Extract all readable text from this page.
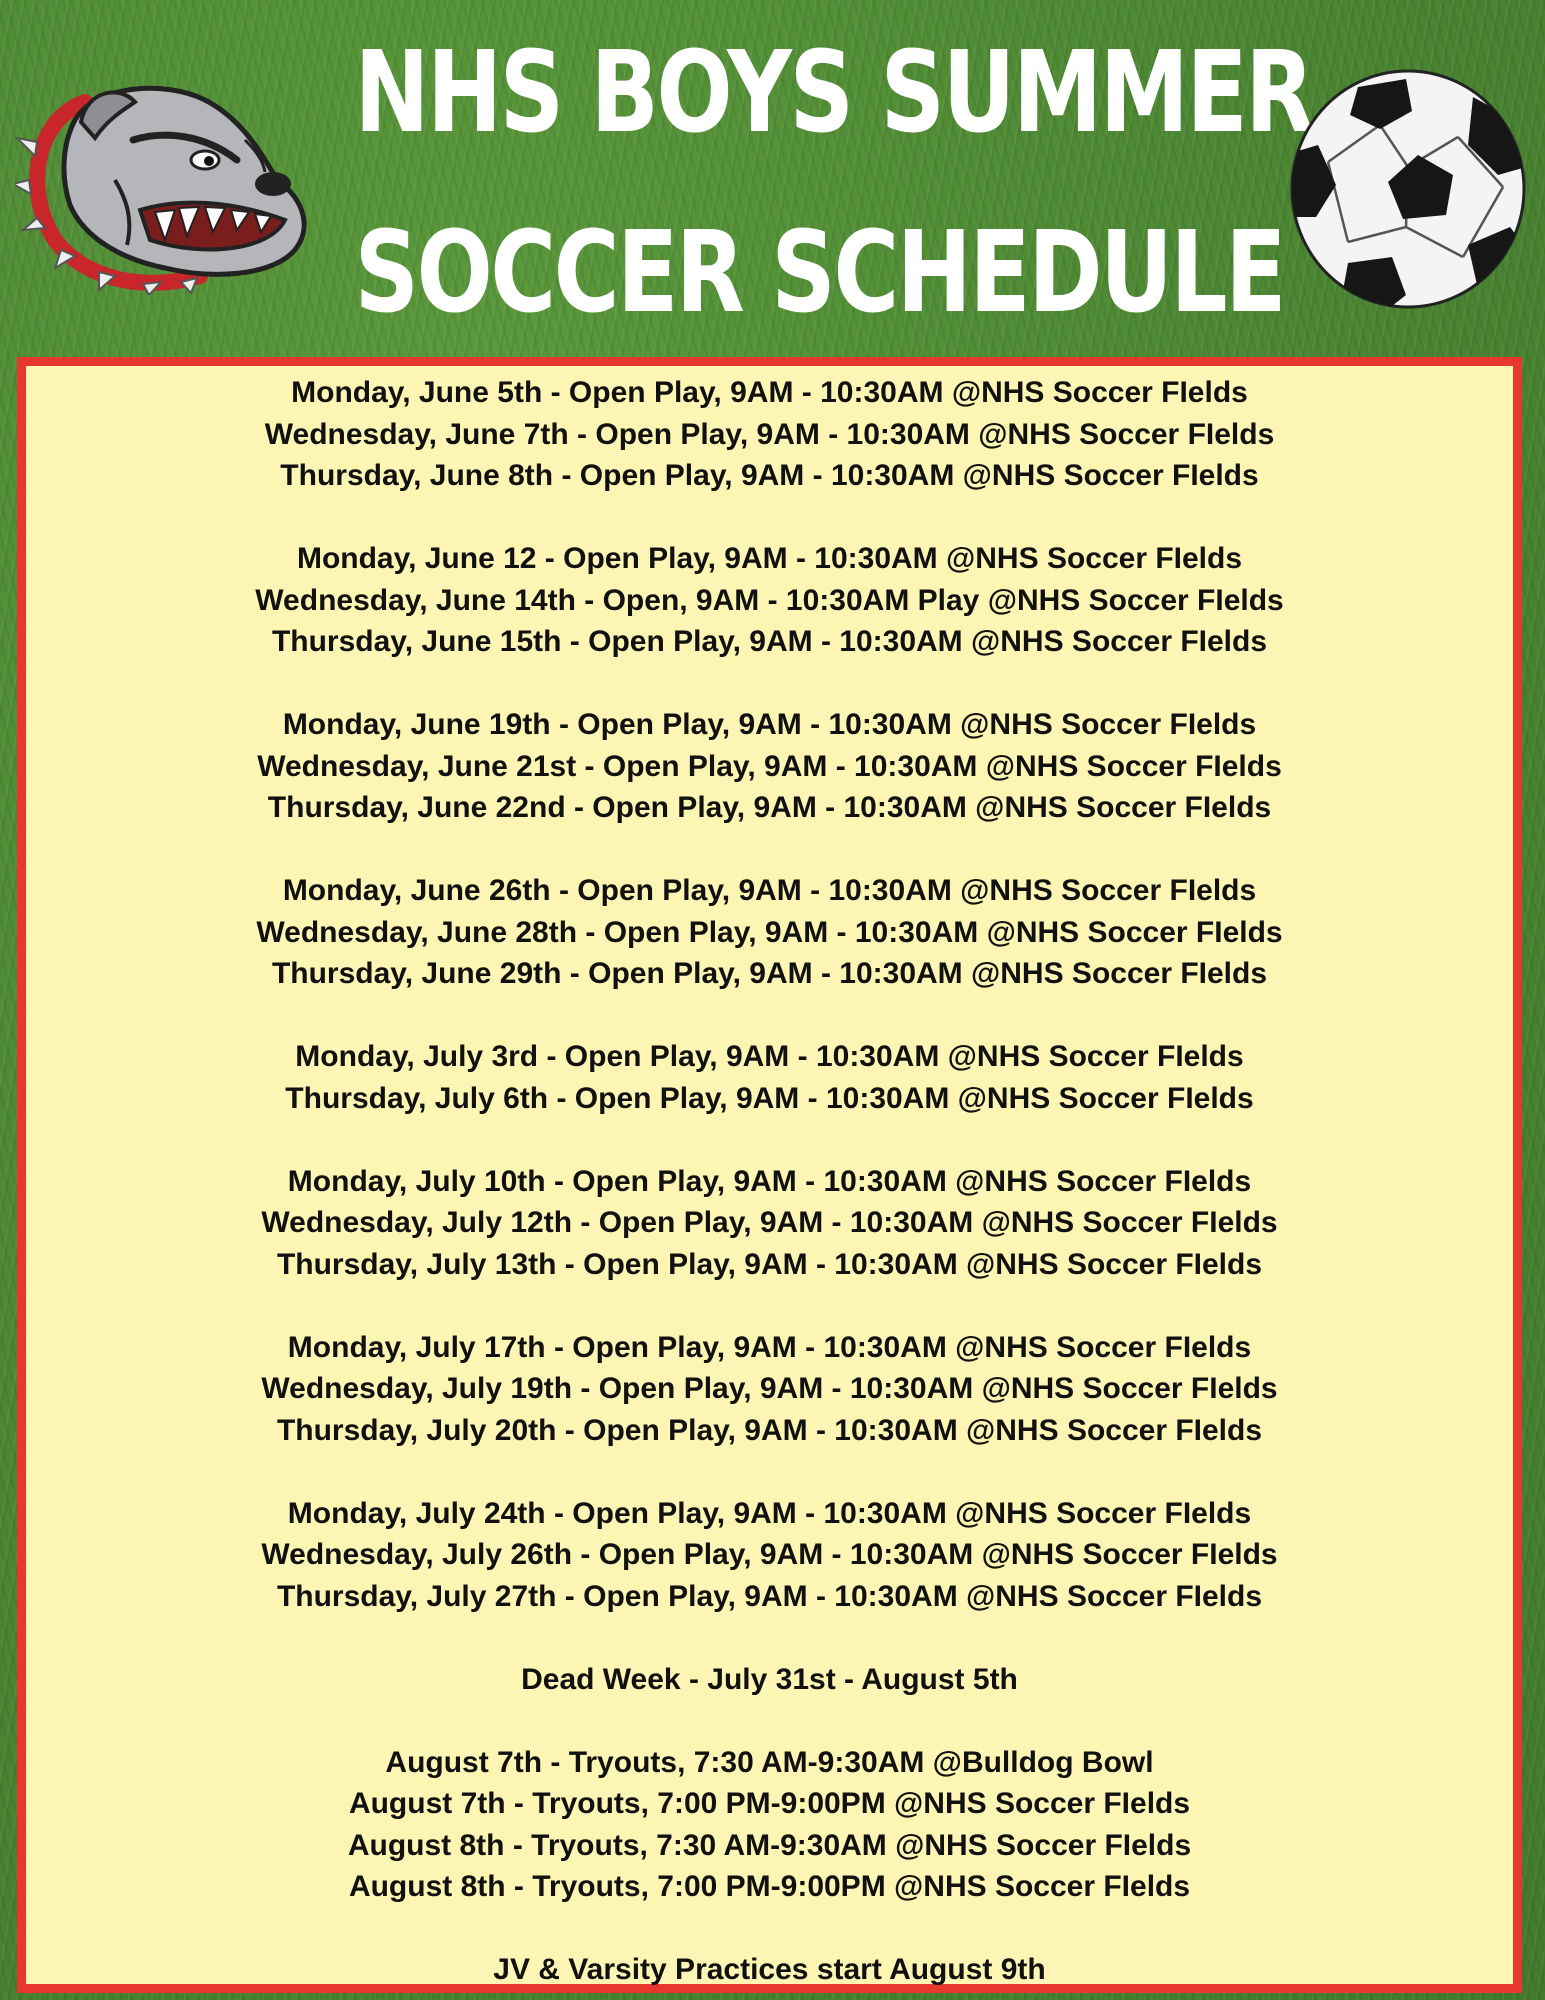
NHS BOYS SUMMER
SOCCER SCHEDULE
Monday, June 5th - Open Play, 9AM - 10:30AM @NHS Soccer FIelds
Wednesday, June 7th - Open Play, 9AM - 10:30AM @NHS Soccer FIelds
Thursday, June 8th - Open Play, 9AM - 10:30AM @NHS Soccer FIelds
Monday, June 12 - Open Play, 9AM - 10:30AM @NHS Soccer FIelds
Wednesday, June 14th - Open, 9AM - 10:30AM Play @NHS Soccer FIelds
Thursday, June 15th - Open Play, 9AM - 10:30AM @NHS Soccer FIelds
Monday, June 19th - Open Play, 9AM - 10:30AM @NHS Soccer FIelds
Wednesday, June 21st - Open Play, 9AM - 10:30AM @NHS Soccer FIelds
Thursday, June 22nd - Open Play, 9AM - 10:30AM @NHS Soccer FIelds
Monday, June 26th - Open Play, 9AM - 10:30AM @NHS Soccer FIelds
Wednesday, June 28th - Open Play, 9AM - 10:30AM @NHS Soccer FIelds
Thursday, June 29th - Open Play, 9AM - 10:30AM @NHS Soccer FIelds
Monday, July 3rd - Open Play, 9AM - 10:30AM @NHS Soccer FIelds
Thursday, July 6th - Open Play, 9AM - 10:30AM @NHS Soccer FIelds
Monday, July 10th - Open Play, 9AM - 10:30AM @NHS Soccer FIelds
Wednesday, July 12th - Open Play, 9AM - 10:30AM @NHS Soccer FIelds
Thursday, July 13th - Open Play, 9AM - 10:30AM @NHS Soccer FIelds
Monday, July 17th - Open Play, 9AM - 10:30AM @NHS Soccer FIelds
Wednesday, July 19th - Open Play, 9AM - 10:30AM @NHS Soccer FIelds
Thursday, July 20th - Open Play, 9AM - 10:30AM @NHS Soccer FIelds
Monday, July 24th - Open Play, 9AM - 10:30AM @NHS Soccer FIelds
Wednesday, July 26th - Open Play, 9AM - 10:30AM @NHS Soccer FIelds
Thursday, July 27th - Open Play, 9AM - 10:30AM @NHS Soccer FIelds
Dead Week - July 31st - August 5th
August 7th - Tryouts, 7:30 AM-9:30AM @Bulldog Bowl
August 7th - Tryouts, 7:00 PM-9:00PM @NHS Soccer FIelds
August 8th - Tryouts, 7:30 AM-9:30AM @NHS Soccer FIelds
August 8th - Tryouts, 7:00 PM-9:00PM @NHS Soccer FIelds
JV & Varsity Practices start August 9th
